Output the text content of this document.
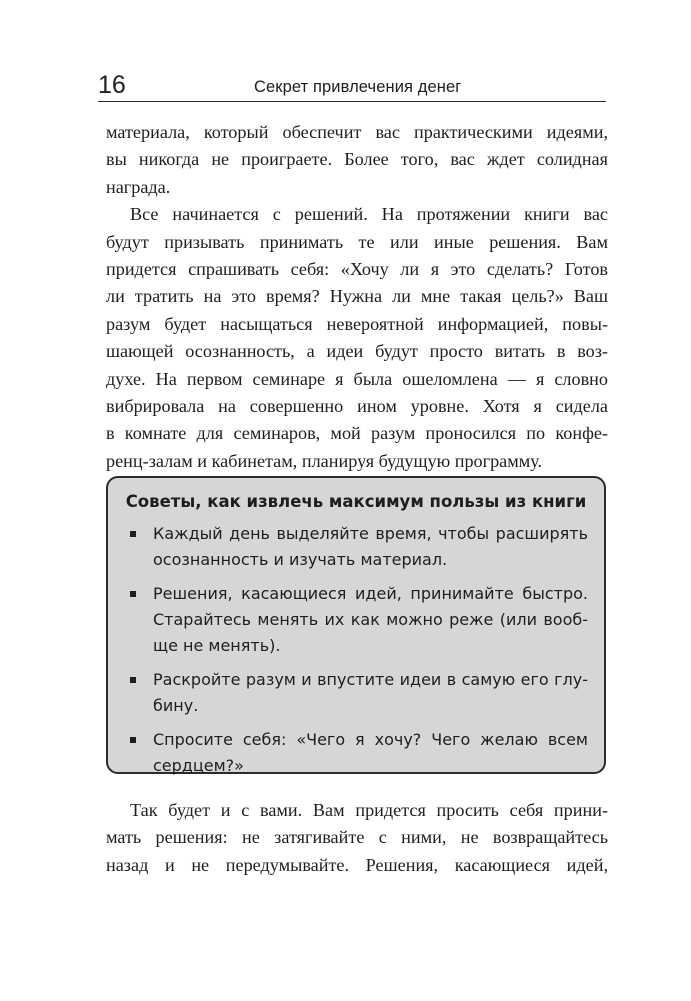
16	Секрет привлечения денег

материала, который обеспечит вас практическими идеями,
вы никогда не проиграете. Более того, вас ждет солидная
награда.

Все начинается с решений. На протяжении книги вас
будут призывать принимать те или иные решения. Вам
придется спрашивать себя: «Хочу ли я это сделать? Готов
ли тратить на это время? Нужна ли мне такая цель?» Ваш
разум будет насыщаться невероятной информацией, повы-
шающей осознанность, а идеи будут просто витать в воз-
духе. На первом семинаре я была ошеломлена — я словно
вибрировала на совершенно ином уровне. Хотя я сидела
в комнате для семинаров, мой разум проносился по конфе-
ренц-залам и кабинетам, планируя будущую программу.

Советы, как извлечь максимум пользы из книги
Каждый день выделяйте время, чтобы расширять
осознанность и изучать материал.
Решения, касающиеся идей, принимайте быстро.
Старайтесь менять их как можно реже (или вооб-
ще не менять).
Раскройте разум и впустите идеи в самую его глу-
бину.
Спросите себя: «Чего я хочу? Чего желаю всем
сердцем?»

Так будет и с вами. Вам придется просить себя прини-
мать решения: не затягивайте с ними, не возвращайтесь
назад и не передумывайте. Решения, касающиеся идей,
